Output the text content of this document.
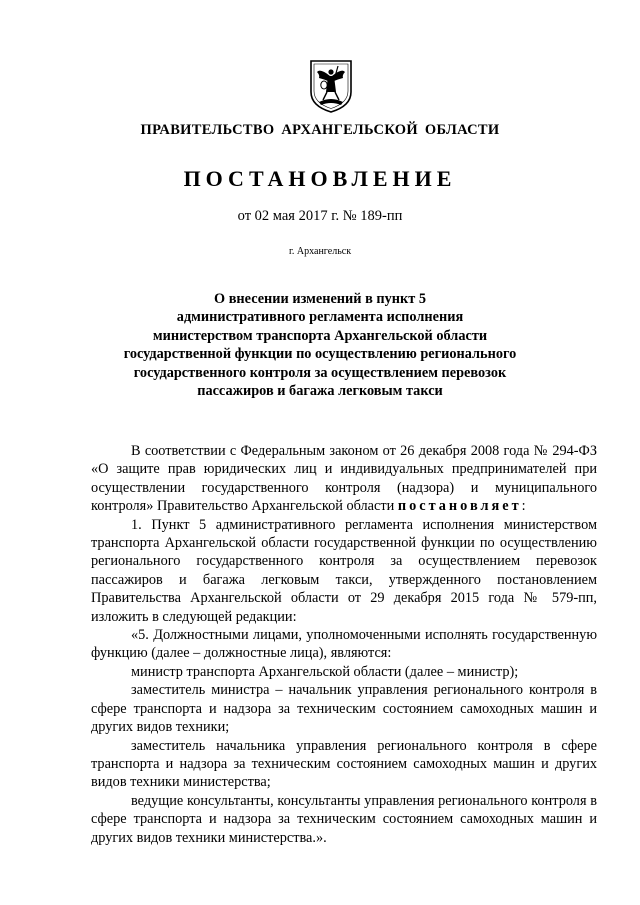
ПРАВИТЕЛЬСТВО АРХАНГЕЛЬСКОЙ ОБЛАСТИ
ПОСТАНОВЛЕНИЕ
от 02 мая 2017 г. № 189-пп
г. Архангельск
О внесении изменений в пункт 5
административного регламента исполнения
министерством транспорта Архангельской области
государственной функции по осуществлению регионального
государственного контроля за осуществлением перевозок
пассажиров и багажа легковым такси

В соответствии с Федеральным законом от 26 декабря 2008 года № 294-ФЗ «О защите прав юридических лиц и индивидуальных предпринимателей при осуществлении государственного контроля (надзора) и муниципального контроля» Правительство Архангельской области постановляет:

1. Пункт 5 административного регламента исполнения министерством транспорта Архангельской области государственной функции по осуществлению регионального государственного контроля за осуществлением перевозок пассажиров и багажа легковым такси, утвержденного постановлением Правительства Архангельской области от 29 декабря 2015 года № 579-пп, изложить в следующей редакции:

«5. Должностными лицами, уполномоченными исполнять государственную функцию (далее – должностные лица), являются:

министр транспорта Архангельской области (далее – министр);

заместитель министра – начальник управления регионального контроля в сфере транспорта и надзора за техническим состоянием самоходных машин и других видов техники;

заместитель начальника управления регионального контроля в сфере транспорта и надзора за техническим состоянием самоходных машин и других видов техники министерства;

ведущие консультанты, консультанты управления регионального контроля в сфере транспорта и надзора за техническим состоянием самоходных машин и других видов техники министерства.».
